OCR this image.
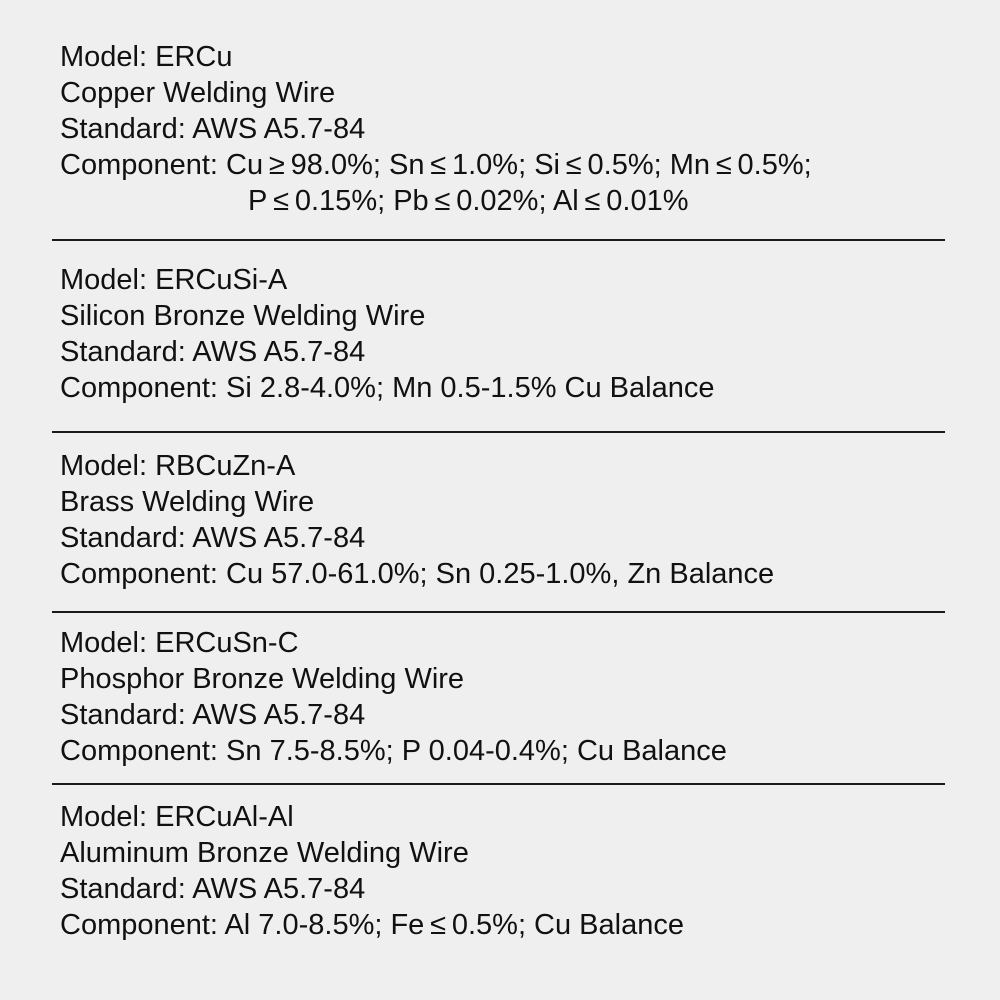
Model: ERCu
Copper Welding Wire
Standard: AWS A5.7-84
Component: Cu ≥ 98.0%; Sn ≤ 1.0%; Si ≤ 0.5%; Mn ≤ 0.5%;
P ≤ 0.15%; Pb ≤ 0.02%; Al ≤ 0.01%
Model: ERCuSi-A
Silicon Bronze Welding Wire
Standard: AWS A5.7-84
Component: Si 2.8-4.0%; Mn 0.5-1.5% Cu Balance
Model: RBCuZn-A
Brass Welding Wire
Standard: AWS A5.7-84
Component: Cu 57.0-61.0%; Sn 0.25-1.0%, Zn Balance
Model: ERCuSn-C
Phosphor Bronze Welding Wire
Standard: AWS A5.7-84
Component: Sn 7.5-8.5%; P 0.04-0.4%; Cu Balance
Model: ERCuAl-Al
Aluminum Bronze Welding Wire
Standard: AWS A5.7-84
Component: Al 7.0-8.5%; Fe ≤ 0.5%; Cu Balance
